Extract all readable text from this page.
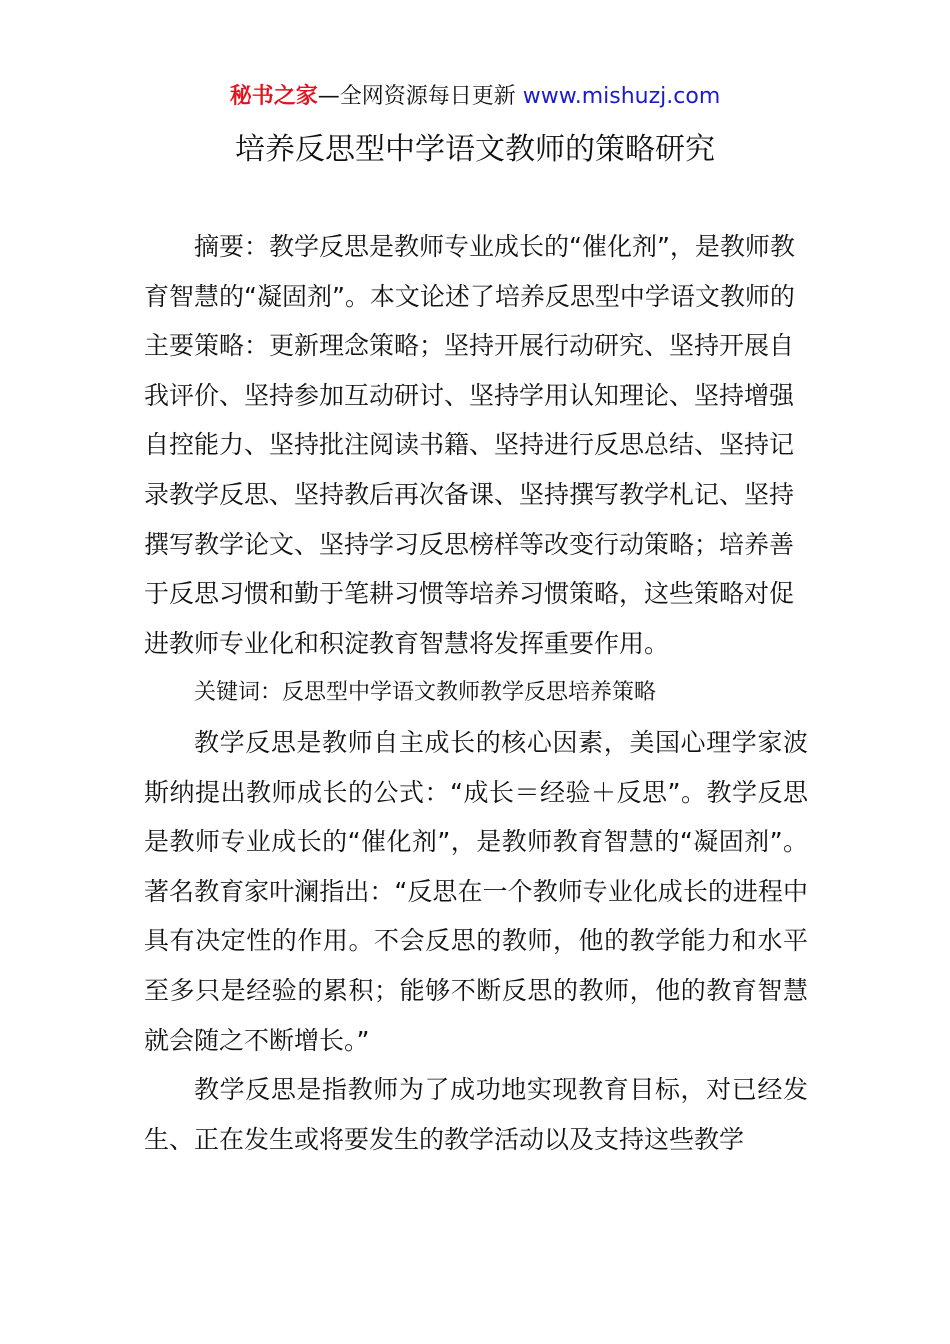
秘书之家—全网资源每日更新 www.mishuzj.com
培养反思型中学语文教师的策略研究

摘要：教学反思是教师专业成长的“催化剂”，是教师教育智慧的“凝固剂”。本文论述了培养反思型中学语文教师的主要策略：更新理念策略；坚持开展行动研究、坚持开展自我评价、坚持参加互动研讨、坚持学用认知理论、坚持增强自控能力、坚持批注阅读书籍、坚持进行反思总结、坚持记录教学反思、坚持教后再次备课、坚持撰写教学札记、坚持撰写教学论文、坚持学习反思榜样等改变行动策略；培养善于反思习惯和勤于笔耕习惯等培养习惯策略，这些策略对促进教师专业化和积淀教育智慧将发挥重要作用。

关键词：反思型中学语文教师教学反思培养策略

教学反思是教师自主成长的核心因素，美国心理学家波斯纳提出教师成长的公式：“成长＝经验＋反思”。教学反思是教师专业成长的“催化剂”，是教师教育智慧的“凝固剂”。著名教育家叶澜指出：“反思在一个教师专业化成长的进程中具有决定性的作用。不会反思的教师，他的教学能力和水平至多只是经验的累积；能够不断反思的教师，他的教育智慧就会随之不断增长。”

教学反思是指教师为了成功地实现教育目标，对已经发生、正在发生或将要发生的教学活动以及支持这些教学
